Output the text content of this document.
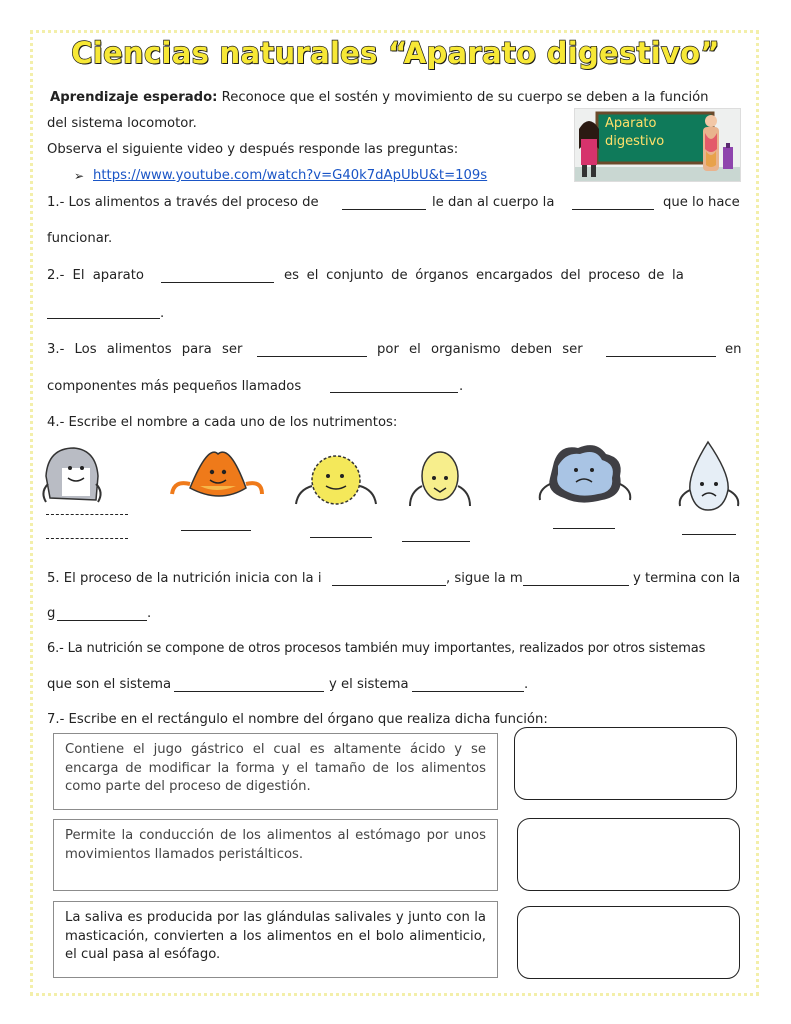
Ciencias naturales “Aparato digestivo”
Aprendizaje esperado: Reconoce que el sostén y movimiento de su cuerpo se deben a la función
del sistema locomotor.
Observa el siguiente video y después responde las preguntas:
➢ https://www.youtube.com/watch?v=G40k7dApUbU&t=109s
Aparato
digestivo
1.- Los alimentos a través del proceso de	le dan al cuerpo la	que lo hace
funcionar.
2.- El aparato	es el conjunto de órganos encargados del proceso de la
.
3.- Los alimentos para ser	por el organismo deben ser	en
componentes más pequeños llamados	.
4.- Escribe el nombre a cada uno de los nutrimentos:
5. El proceso de la nutrición inicia con la i	, sigue la m	y termina con la
g	.
6.- La nutrición se compone de otros procesos también muy importantes, realizados por otros sistemas
que son el sistema	y el sistema	.
7.- Escribe en el rectángulo el nombre del órgano que realiza dicha función:
Contiene el jugo gástrico el cual es altamente ácido y se encarga de modificar la forma y el tamaño de los alimentos como parte del proceso de digestión.
Permite la conducción de los alimentos al estómago por unos movimientos llamados peristálticos.
La saliva es producida por las glándulas salivales y junto con la masticación, convierten a los alimentos en el bolo alimenticio, el cual pasa al esófago.
